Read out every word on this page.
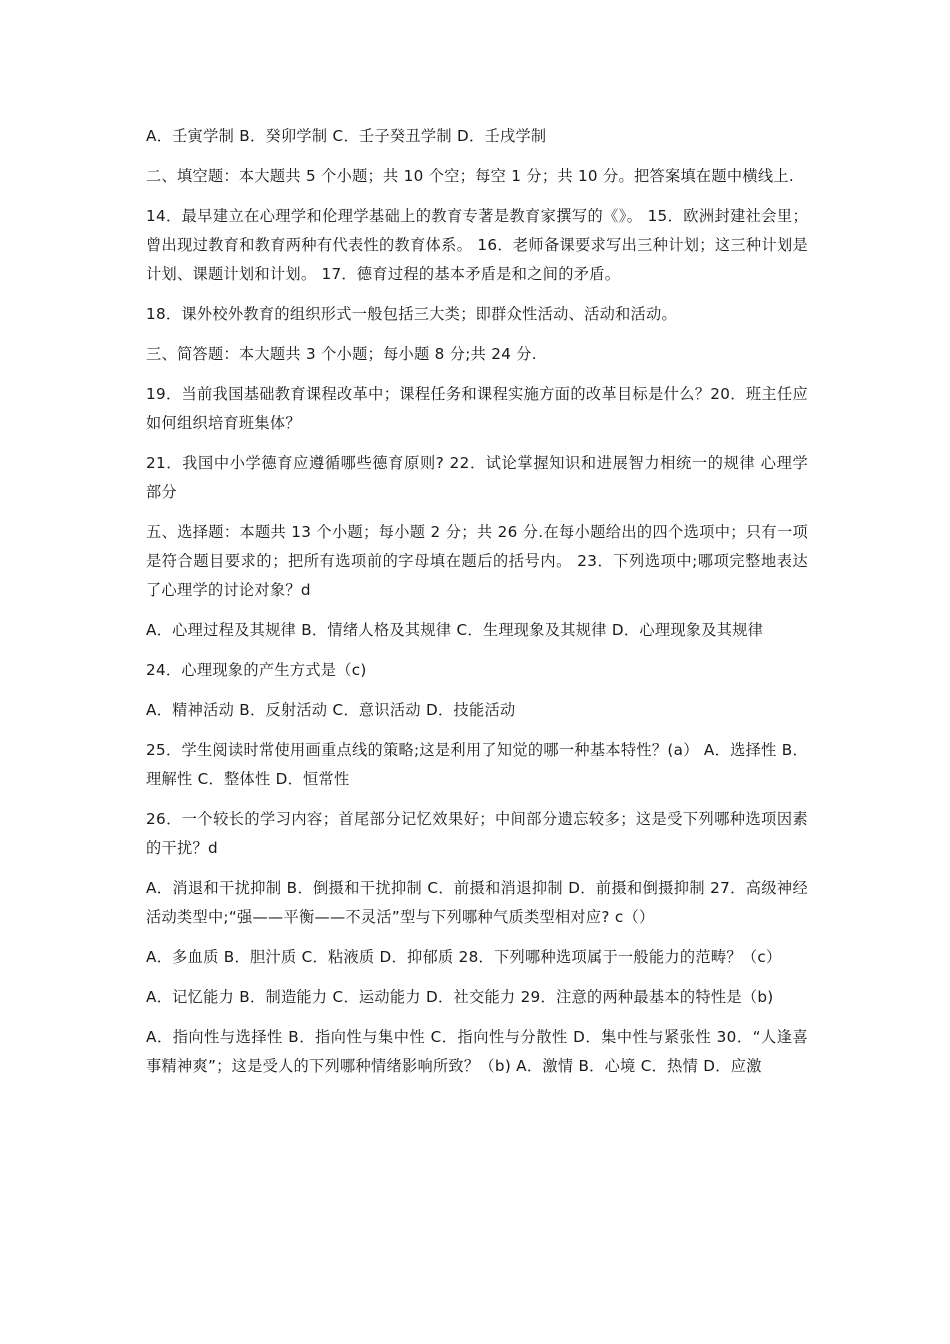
A．壬寅学制 B．癸卯学制 C．壬子癸丑学制 D．壬戌学制

二、填空题：本大题共 5 个小题；共 10 个空；每空 1 分；共 10 分。把答案填在题中横线上.

14．最早建立在心理学和伦理学基础上的教育专著是教育家撰写的《》。 15．欧洲封建社会里；曾出现过教育和教育两种有代表性的教育体系。 16．老师备课要求写出三种计划；这三种计划是计划、课题计划和计划。 17．德育过程的基本矛盾是和之间的矛盾。

18．课外校外教育的组织形式一般包括三大类；即群众性活动、活动和活动。

三、简答题：本大题共 3 个小题；每小题 8 分;共 24 分.

19．当前我国基础教育课程改革中；课程任务和课程实施方面的改革目标是什么？20．班主任应如何组织培育班集体？

21．我国中小学德育应遵循哪些德育原则? 22．试论掌握知识和进展智力相统一的规律 心理学部分

五、选择题：本题共 13 个小题；每小题 2 分；共 26 分.在每小题给出的四个选项中；只有一项是符合题目要求的；把所有选项前的字母填在题后的括号内。 23．下列选项中;哪项完整地表达了心理学的讨论对象？d

A．心理过程及其规律 B．情绪人格及其规律 C．生理现象及其规律 D．心理现象及其规律

24．心理现象的产生方式是（c)

A．精神活动 B．反射活动 C．意识活动 D．技能活动

25．学生阅读时常使用画重点线的策略;这是利用了知觉的哪一种基本特性？(a） A．选择性 B．理解性 C．整体性 D．恒常性

26．一个较长的学习内容；首尾部分记忆效果好；中间部分遗忘较多；这是受下列哪种选项因素的干扰？d

A．消退和干扰抑制 B．倒摄和干扰抑制 C．前摄和消退抑制 D．前摄和倒摄抑制 27．高级神经活动类型中;“强——平衡——不灵活”型与下列哪种气质类型相对应? c（）

A．多血质 B．胆汁质 C．粘液质 D．抑郁质 28．下列哪种选项属于一般能力的范畴？（c）

A．记忆能力 B．制造能力 C．运动能力 D．社交能力 29．注意的两种最基本的特性是（b)

A．指向性与选择性 B．指向性与集中性 C．指向性与分散性 D．集中性与紧张性 30．“人逢喜事精神爽”；这是受人的下列哪种情绪影响所致？（b) A．激情 B．心境 C．热情 D．应激
